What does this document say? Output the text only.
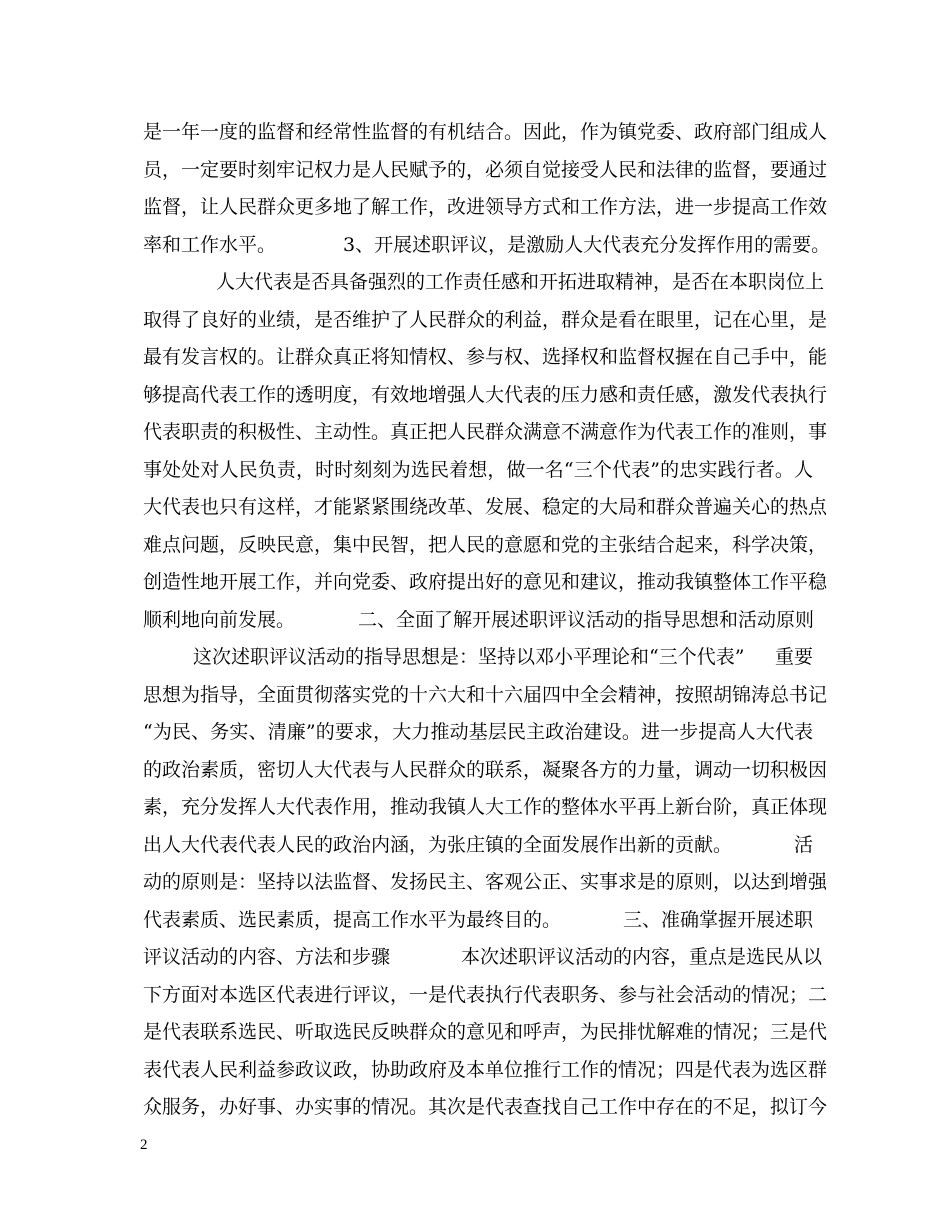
是一年一度的监督和经常性监督的有机结合。因此，作为镇党委、政府部门组成人
员，一定要时刻牢记权力是人民赋予的，必须自觉接受人民和法律的监督，要通过
监督，让人民群众更多地了解工作，改进领导方式和工作方法，进一步提高工作效
率和工作水平。	3、开展述职评议，是激励人大代表充分发挥作用的需要。
人大代表是否具备强烈的工作责任感和开拓进取精神，是否在本职岗位上
取得了良好的业绩，是否维护了人民群众的利益，群众是看在眼里，记在心里，是
最有发言权的。让群众真正将知情权、参与权、选择权和监督权握在自己手中，能
够提高代表工作的透明度，有效地增强人大代表的压力感和责任感，激发代表执行
代表职责的积极性、主动性。真正把人民群众满意不满意作为代表工作的准则，事
事处处对人民负责，时时刻刻为选民着想，做一名“三个代表”的忠实践行者。人
大代表也只有这样，才能紧紧围绕改革、发展、稳定的大局和群众普遍关心的热点
难点问题，反映民意，集中民智，把人民的意愿和党的主张结合起来，科学决策，
创造性地开展工作，并向党委、政府提出好的意见和建议，推动我镇整体工作平稳
顺利地向前发展。	二、全面了解开展述职评议活动的指导思想和活动原则
这次述职评议活动的指导思想是：坚持以邓小平理论和“三个代表” 重要
思想为指导，全面贯彻落实党的十六大和十六届四中全会精神，按照胡锦涛总书记
“为民、务实、清廉”的要求，大力推动基层民主政治建设。进一步提高人大代表
的政治素质，密切人大代表与人民群众的联系，凝聚各方的力量，调动一切积极因
素，充分发挥人大代表作用，推动我镇人大工作的整体水平再上新台阶，真正体现
出人大代表代表人民的政治内涵，为张庄镇的全面发展作出新的贡献。	活
动的原则是：坚持以法监督、发扬民主、客观公正、实事求是的原则，以达到增强
代表素质、选民素质，提高工作水平为最终目的。	三、准确掌握开展述职
评议活动的内容、方法和步骤	本次述职评议活动的内容，重点是选民从以
下方面对本选区代表进行评议，一是代表执行代表职务、参与社会活动的情况；二
是代表联系选民、听取选民反映群众的意见和呼声，为民排忧解难的情况；三是代
表代表人民利益参政议政，协助政府及本单位推行工作的情况；四是代表为选区群
众服务，办好事、办实事的情况。其次是代表查找自己工作中存在的不足，拟订今
2
